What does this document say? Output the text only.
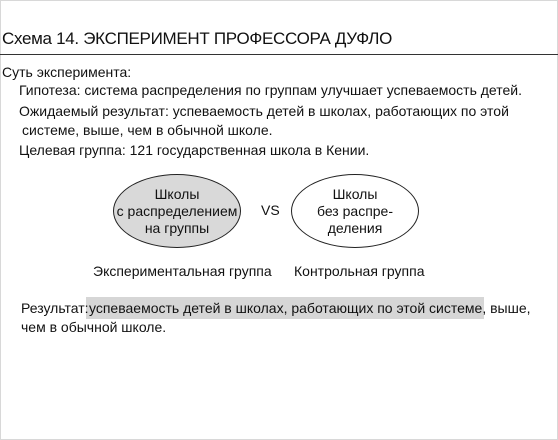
Схема 14. ЭКСПЕРИМЕНТ ПРОФЕССОРА ДУФЛО
Суть эксперимента:
Гипотеза: система распределения по группам улучшает успеваемость детей.
Ожидаемый результат: успеваемость детей в школах, работающих по этой
системе, выше, чем в обычной школе.
Целевая группа: 121 государственная школа в Кении.
Школы
с распределением
на группы
VS
Школы
без распре-
деления
Экспериментальная группа Контрольная группа
Результат: успеваемость детей в школах, работающих по этой системе, выше,
чем в обычной школе.
